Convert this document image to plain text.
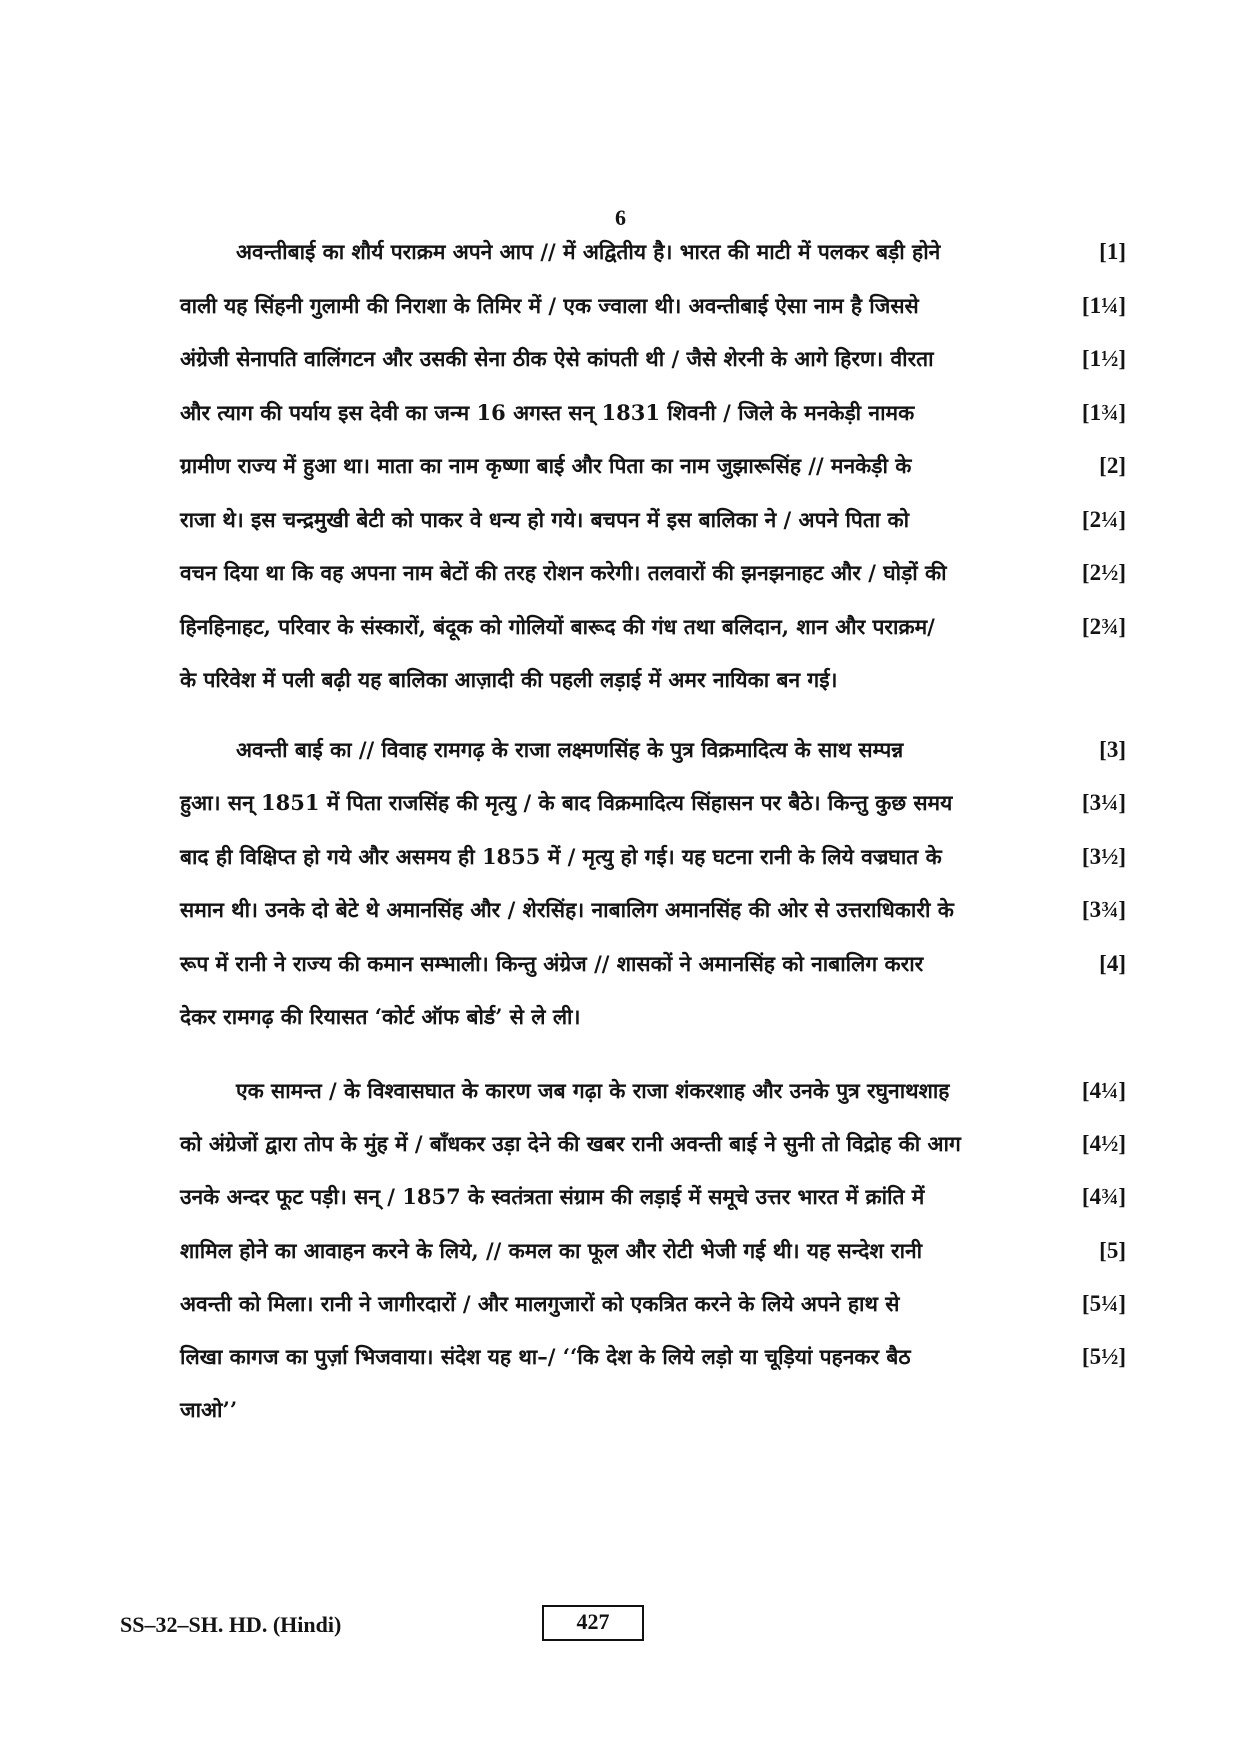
6
अवन्तीबाई का शौर्य पराक्रम अपने आप // में अद्वितीय है। भारत की माटी में पलकर बड़ी होने	[1]
वाली यह सिंहनी गुलामी की निराशा के तिमिर में / एक ज्वाला थी। अवन्तीबाई ऐसा नाम है जिससे	[1¼]
अंग्रेजी सेनापति वालिंगटन और उसकी सेना ठीक ऐसे कांपती थी / जैसे शेरनी के आगे हिरण। वीरता	[1½]
और त्याग की पर्याय इस देवी का जन्म 16 अगस्त सन् 1831 शिवनी / जिले के मनकेड़ी नामक	[1¾]
ग्रामीण राज्य में हुआ था। माता का नाम कृष्णा बाई और पिता का नाम जुझारूसिंह // मनकेड़ी के	[2]
राजा थे। इस चन्द्रमुखी बेटी को पाकर वे धन्य हो गये। बचपन में इस बालिका ने / अपने पिता को	[2¼]
वचन दिया था कि वह अपना नाम बेटों की तरह रोशन करेगी। तलवारों की झनझनाहट और / घोड़ों की	[2½]
हिनहिनाहट, परिवार के संस्कारों, बंदूक को गोलियों बारूद की गंध तथा बलिदान, शान और पराक्रम/	[2¾]
के परिवेश में पली बढ़ी यह बालिका आज़ादी की पहली लड़ाई में अमर नायिका बन गई।
अवन्ती बाई का // विवाह रामगढ़ के राजा लक्ष्मणसिंह के पुत्र विक्रमादित्य के साथ सम्पन्न	[3]
हुआ। सन् 1851 में पिता राजसिंह की मृत्यु / के बाद विक्रमादित्य सिंहासन पर बैठे। किन्तु कुछ समय	[3¼]
बाद ही विक्षिप्त हो गये और असमय ही 1855 में / मृत्यु हो गई। यह घटना रानी के लिये वज्रघात के	[3½]
समान थी। उनके दो बेटे थे अमानसिंह और / शेरसिंह। नाबालिग अमानसिंह की ओर से उत्तराधिकारी के	[3¾]
रूप में रानी ने राज्य की कमान सम्भाली। किन्तु अंग्रेज // शासकों ने अमानसिंह को नाबालिग करार	[4]
देकर रामगढ़ की रियासत ‘कोर्ट ऑफ बोर्ड’ से ले ली।
एक सामन्त / के विश्वासघात के कारण जब गढ़ा के राजा शंकरशाह और उनके पुत्र रघुनाथशाह	[4¼]
को अंग्रेजों द्वारा तोप के मुंह में / बाँधकर उड़ा देने की खबर रानी अवन्ती बाई ने सुनी तो विद्रोह की आग	[4½]
उनके अन्दर फूट पड़ी। सन् / 1857 के स्वतंत्रता संग्राम की लड़ाई में समूचे उत्तर भारत में क्रांति में	[4¾]
शामिल होने का आवाहन करने के लिये, // कमल का फूल और रोटी भेजी गई थी। यह सन्देश रानी	[5]
अवन्ती को मिला। रानी ने जागीरदारों / और मालगुजारों को एकत्रित करने के लिये अपने हाथ से	[5¼]
लिखा कागज का पुर्ज़ा भिजवाया। संदेश यह था–/ ‘‘कि देश के लिये लड़ो या चूड़ियां पहनकर बैठ	[5½]
जाओ’’
SS–32–SH. HD. (Hindi)	427
